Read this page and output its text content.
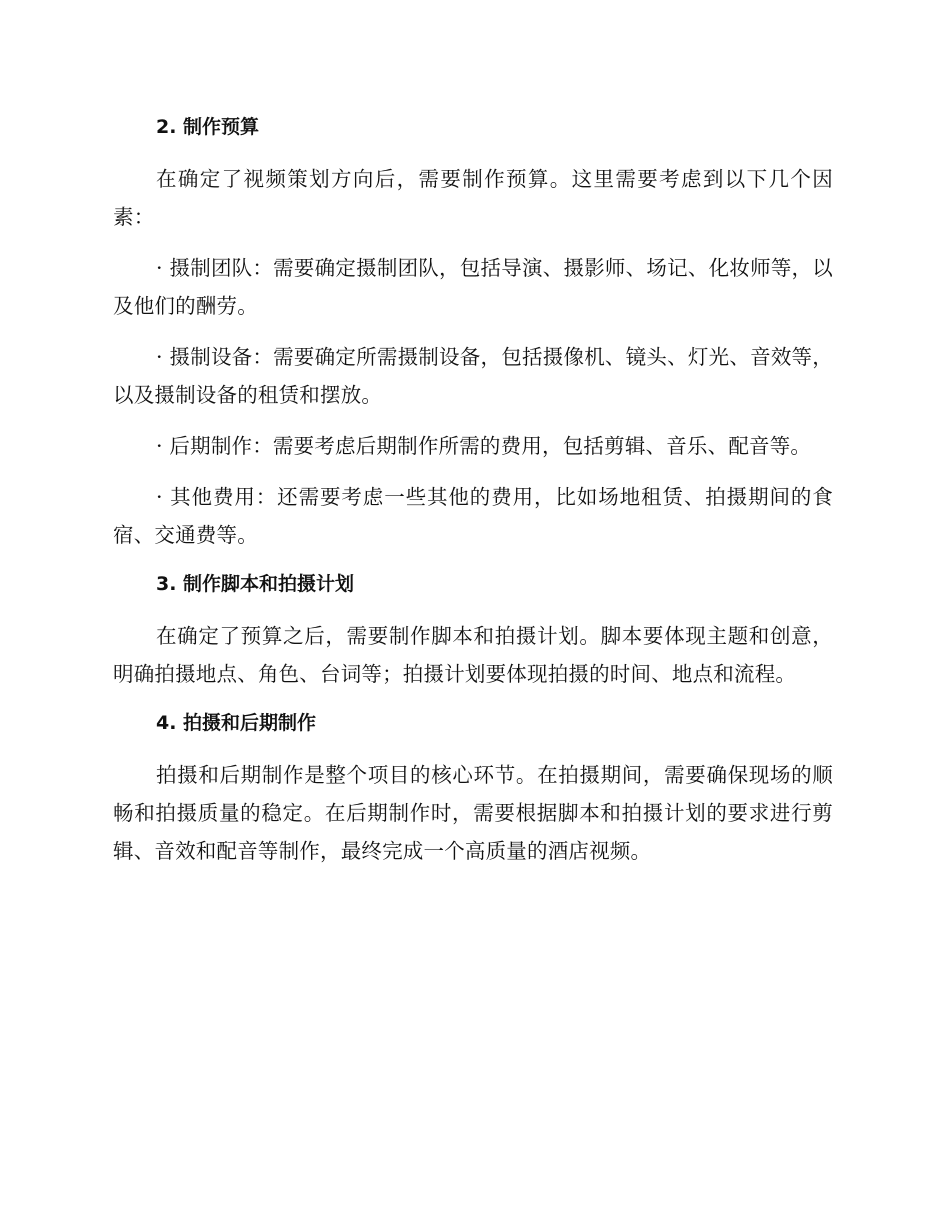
2. 制作预算

在确定了视频策划方向后，需要制作预算。这里需要考虑到以下几个因素：

· 摄制团队：需要确定摄制团队，包括导演、摄影师、场记、化妆师等，以及他们的酬劳。

· 摄制设备：需要确定所需摄制设备，包括摄像机、镜头、灯光、音效等，以及摄制设备的租赁和摆放。

· 后期制作：需要考虑后期制作所需的费用，包括剪辑、音乐、配音等。

· 其他费用：还需要考虑一些其他的费用，比如场地租赁、拍摄期间的食宿、交通费等。

3. 制作脚本和拍摄计划

在确定了预算之后，需要制作脚本和拍摄计划。脚本要体现主题和创意，明确拍摄地点、角色、台词等；拍摄计划要体现拍摄的时间、地点和流程。

4. 拍摄和后期制作

拍摄和后期制作是整个项目的核心环节。在拍摄期间，需要确保现场的顺畅和拍摄质量的稳定。在后期制作时，需要根据脚本和拍摄计划的要求进行剪辑、音效和配音等制作，最终完成一个高质量的酒店视频。
